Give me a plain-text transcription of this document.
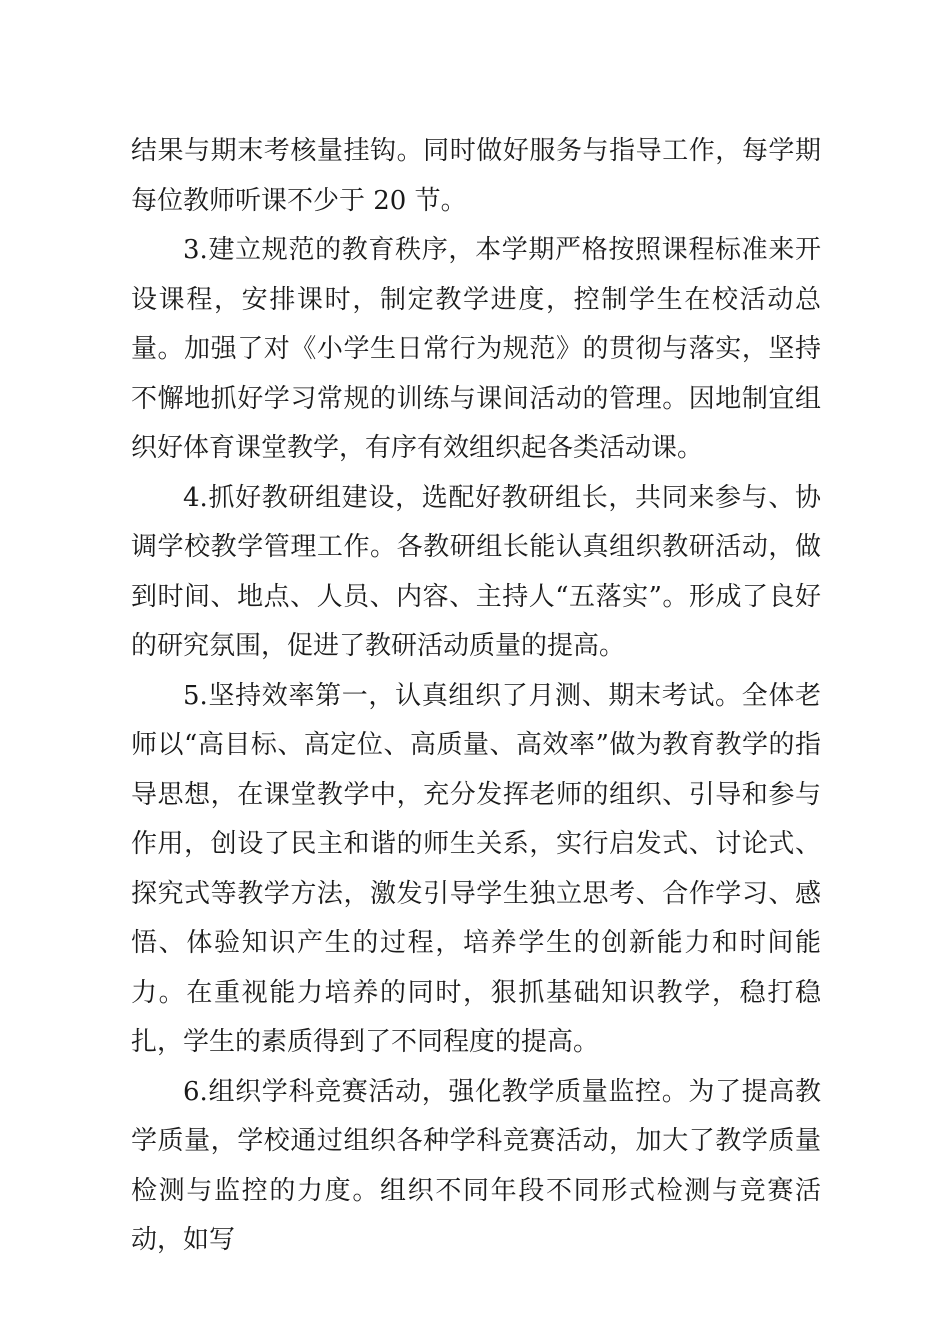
结果与期末考核量挂钩。同时做好服务与指导工作，每学期每位教师听课不少于 20 节。

3.建立规范的教育秩序，本学期严格按照课程标准来开设课程，安排课时，制定教学进度，控制学生在校活动总量。加强了对《小学生日常行为规范》的贯彻与落实，坚持不懈地抓好学习常规的训练与课间活动的管理。因地制宜组织好体育课堂教学，有序有效组织起各类活动课。

4.抓好教研组建设，选配好教研组长，共同来参与、协调学校教学管理工作。各教研组长能认真组织教研活动，做到时间、地点、人员、内容、主持人“五落实”。形成了良好的研究氛围，促进了教研活动质量的提高。

5.坚持效率第一，认真组织了月测、期末考试。全体老师以“高目标、高定位、高质量、高效率”做为教育教学的指导思想，在课堂教学中，充分发挥老师的组织、引导和参与作用，创设了民主和谐的师生关系，实行启发式、讨论式、探究式等教学方法，激发引导学生独立思考、合作学习、感悟、体验知识产生的过程，培养学生的创新能力和时间能力。在重视能力培养的同时，狠抓基础知识教学，稳打稳扎，学生的素质得到了不同程度的提高。

6.组织学科竞赛活动，强化教学质量监控。为了提高教学质量，学校通过组织各种学科竞赛活动，加大了教学质量检测与监控的力度。组织不同年段不同形式检测与竞赛活动，如写
